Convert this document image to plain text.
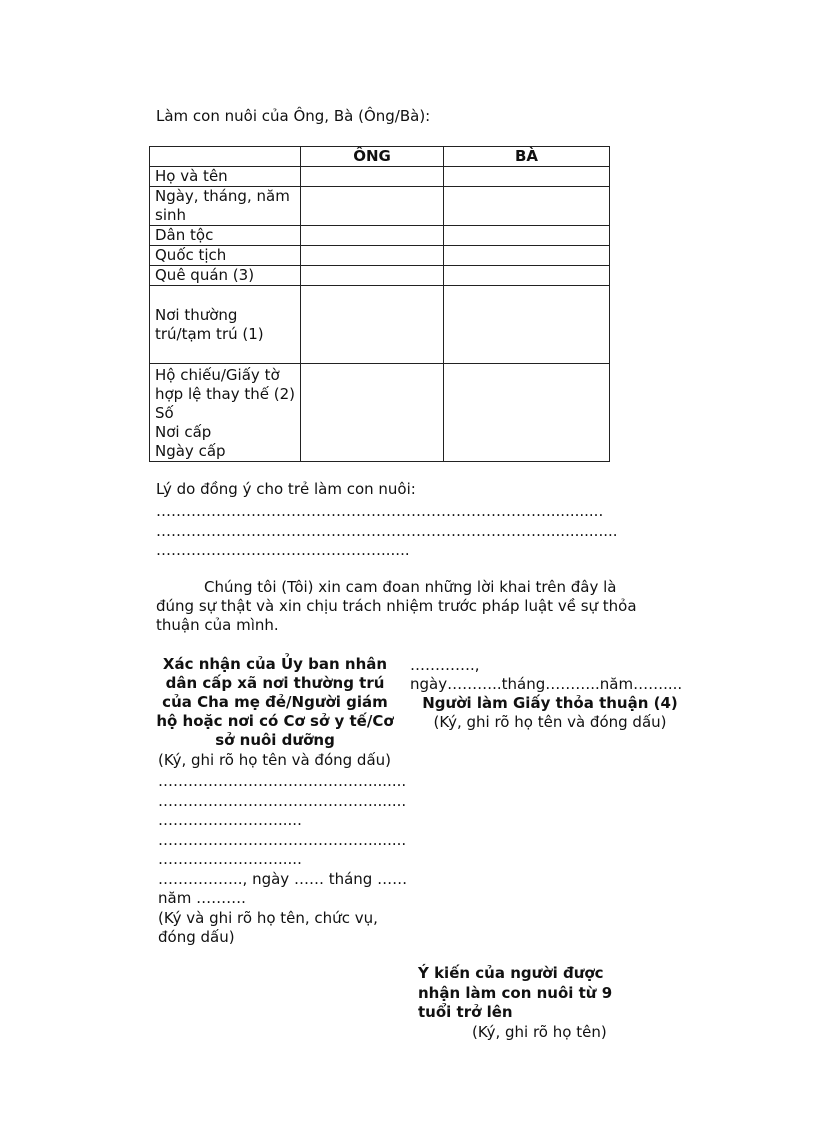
Làm con nuôi của Ông, Bà (Ông/Bà):
	ÔNG	BÀ

Họ và tên		

Ngày, tháng, năm
sinh		

Dân tộc		

Quốc tịch		

Quê quán (3)		

Nơi thường
trú/tạm trú (1)		

Hộ chiếu/Giấy tờ
hợp lệ thay thế (2)
Số
Nơi cấp
Ngày cấp		

Lý do đồng ý cho trẻ làm con nuôi:
……………………………………………………………………............
……………………………………………………………………...............
………………………………………......
Chúng tôi (Tôi) xin cam đoan những lời khai trên đây là
đúng sự thật và xin chịu trách nhiệm trước pháp luật về sự thỏa
thuận của mình.
Xác nhận của Ủy ban nhân
dân cấp xã nơi thường trú
của Cha mẹ đẻ/Người giám
hộ hoặc nơi có Cơ sở y tế/Cơ
sở nuôi dưỡng
(Ký, ghi rõ họ tên và đóng dấu)
……………………………………........
……………………………………........
…………………….....
……………………………………........
…………………….....
…………….., ngày …… tháng ……
năm ……….
(Ký và ghi rõ họ tên, chức vụ,
đóng dấu)
………….,
ngày………..tháng………..năm……....
Người làm Giấy thỏa thuận (4)
(Ký, ghi rõ họ tên và đóng dấu)
Ý kiến của người được
nhận làm con nuôi từ 9
tuổi trở lên
(Ký, ghi rõ họ tên)
